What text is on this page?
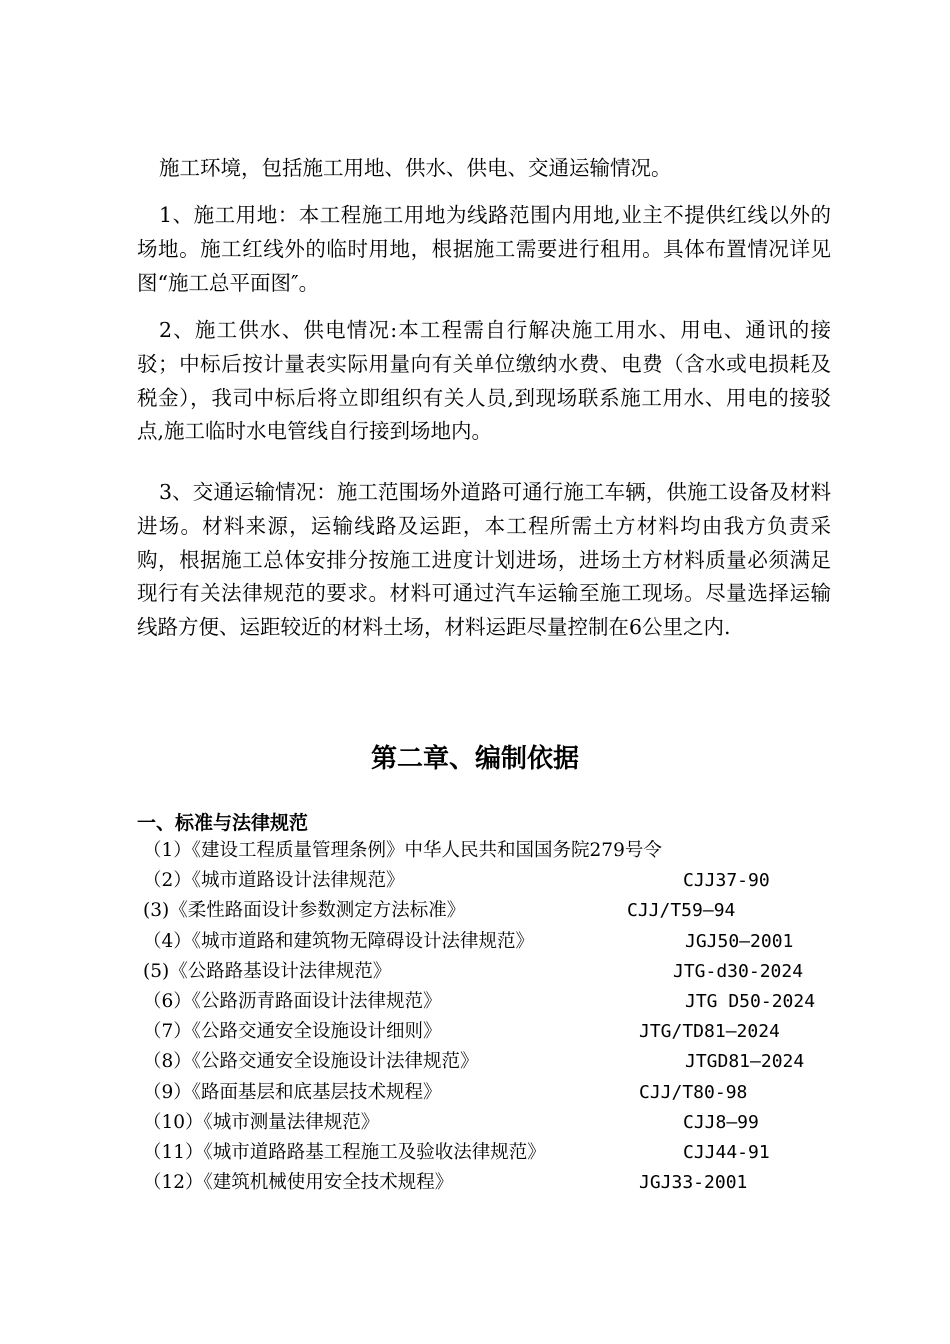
施工环境，包括施工用地、供水、供电、交通运输情况。

1、施工用地：本工程施工用地为线路范围内用地,业主不提供红线以外的场地。施工红线外的临时用地，根据施工需要进行租用。具体布置情况详见图“施工总平面图″。

2、施工供水、供电情况:本工程需自行解决施工用水、用电、通讯的接驳；中标后按计量表实际用量向有关单位缴纳水费、电费（含水或电损耗及税金），我司中标后将立即组织有关人员,到现场联系施工用水、用电的接驳点,施工临时水电管线自行接到场地内。

3、交通运输情况：施工范围场外道路可通行施工车辆，供施工设备及材料进场。材料来源，运输线路及运距，本工程所需土方材料均由我方负责采购，根据施工总体安排分按施工进度计划进场，进场土方材料质量必须满足现行有关法律规范的要求。材料可通过汽车运输至施工现场。尽量选择运输线路方便、运距较近的材料土场，材料运距尽量控制在6公里之内.

第二章、编制依据
一、标准与法律规范
（1）《建设工程质量管理条例》中华人民共和国国务院279号令
（2）《城市道路设计法律规范》	CJJ37-90
(3)《柔性路面设计参数测定方法标准》	CJJ/T59—94
（4）《城市道路和建筑物无障碍设计法律规范》	JGJ50—2001
(5)《公路路基设计法律规范》	JTG-d30-2024
（6）《公路沥青路面设计法律规范》	JTG D50-2024
（7）《公路交通安全设施设计细则》	JTG/TD81—2024
（8）《公路交通安全设施设计法律规范》	JTGD81—2024
（9）《路面基层和底基层技术规程》	CJJ/T80-98
（10）《城市测量法律规范》	CJJ8—99
（11）《城市道路路基工程施工及验收法律规范》	CJJ44-91
（12）《建筑机械使用安全技术规程》	JGJ33-2001
